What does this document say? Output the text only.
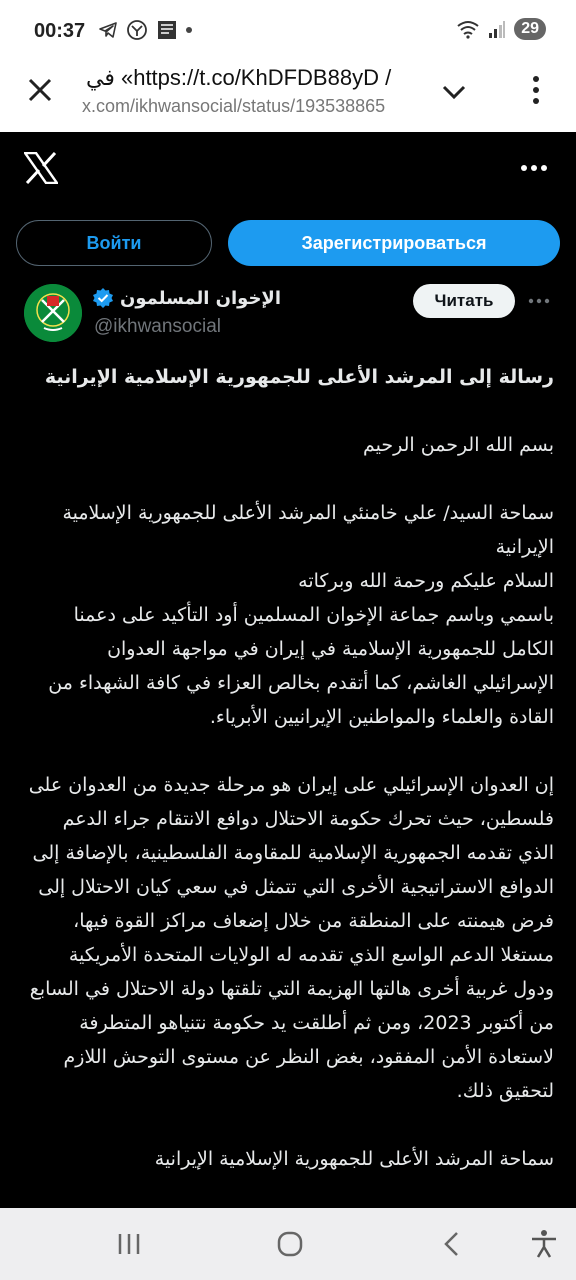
00:37	29
في «https://t.co/KhDFDB88yD /
x.com/ikhwansocial/status/193538865
Войти	Зарегистрироваться
الإخوان المسلمون
@ikhwansocial
Читать

رسالة إلى المرشد الأعلى للجمهورية الإسلامية الإيرانية

بسم الله الرحمن الرحيم

سماحة السيد/ علي خامنئي المرشد الأعلى للجمهورية الإسلامية الإيرانية

السلام عليكم ورحمة الله وبركاته

باسمي وباسم جماعة الإخوان المسلمين أود التأكيد على دعمنا الكامل للجمهورية الإسلامية في إيران في مواجهة العدوان الإسرائيلي الغاشم، كما أتقدم بخالص العزاء في كافة الشهداء من القادة والعلماء والمواطنين الإيرانيين الأبرياء.

إن العدوان الإسرائيلي على إيران هو مرحلة جديدة من العدوان على فلسطين، حيث تحرك حكومة الاحتلال دوافع الانتقام جراء الدعم الذي تقدمه الجمهورية الإسلامية للمقاومة الفلسطينية، بالإضافة إلى الدوافع الاستراتيجية الأخرى التي تتمثل في سعي كيان الاحتلال إلى فرض هيمنته على المنطقة من خلال إضعاف مراكز القوة فيها، مستغلا الدعم الواسع الذي تقدمه له الولايات المتحدة الأمريكية ودول غربية أخرى هالتها الهزيمة التي تلقتها دولة الاحتلال في السابع من أكتوبر 2023، ومن ثم أطلقت يد حكومة نتنياهو المتطرفة لاستعادة الأمن المفقود، بغض النظر عن مستوى التوحش اللازم لتحقيق ذلك.

سماحة المرشد الأعلى للجمهورية الإسلامية الإيرانية
